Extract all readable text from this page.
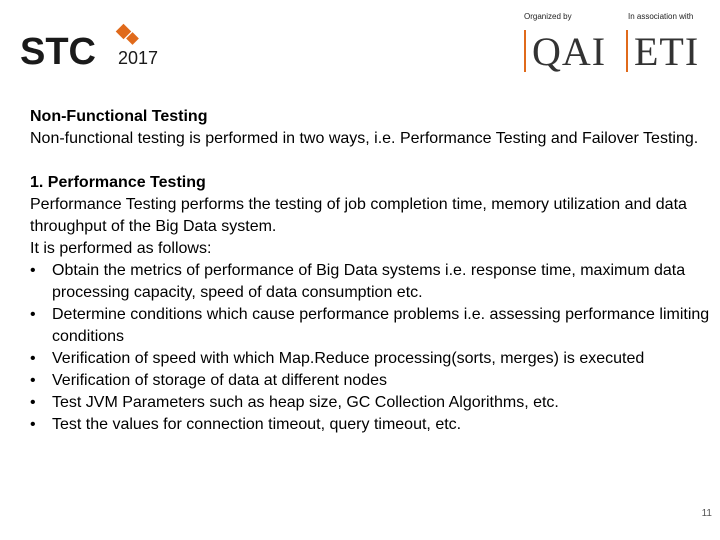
STC 2017
Organized by	In association with
QAI ETI

Non-Functional Testing

Non-functional testing is performed in two ways, i.e. Performance Testing and Failover Testing.

1. Performance Testing

Performance Testing performs the testing of job completion time, memory utilization and data throughput of the Big Data system.

It is performed as follows:

• Obtain the metrics of performance of Big Data systems i.e. response time, maximum data processing capacity, speed of data consumption etc.
• Determine conditions which cause performance problems i.e. assessing performance limiting conditions
• Verification of speed with which Map.Reduce processing(sorts, merges) is executed
• Verification of storage of data at different nodes
• Test JVM Parameters such as heap size, GC Collection Algorithms, etc.
• Test the values for connection timeout, query timeout, etc.
11
